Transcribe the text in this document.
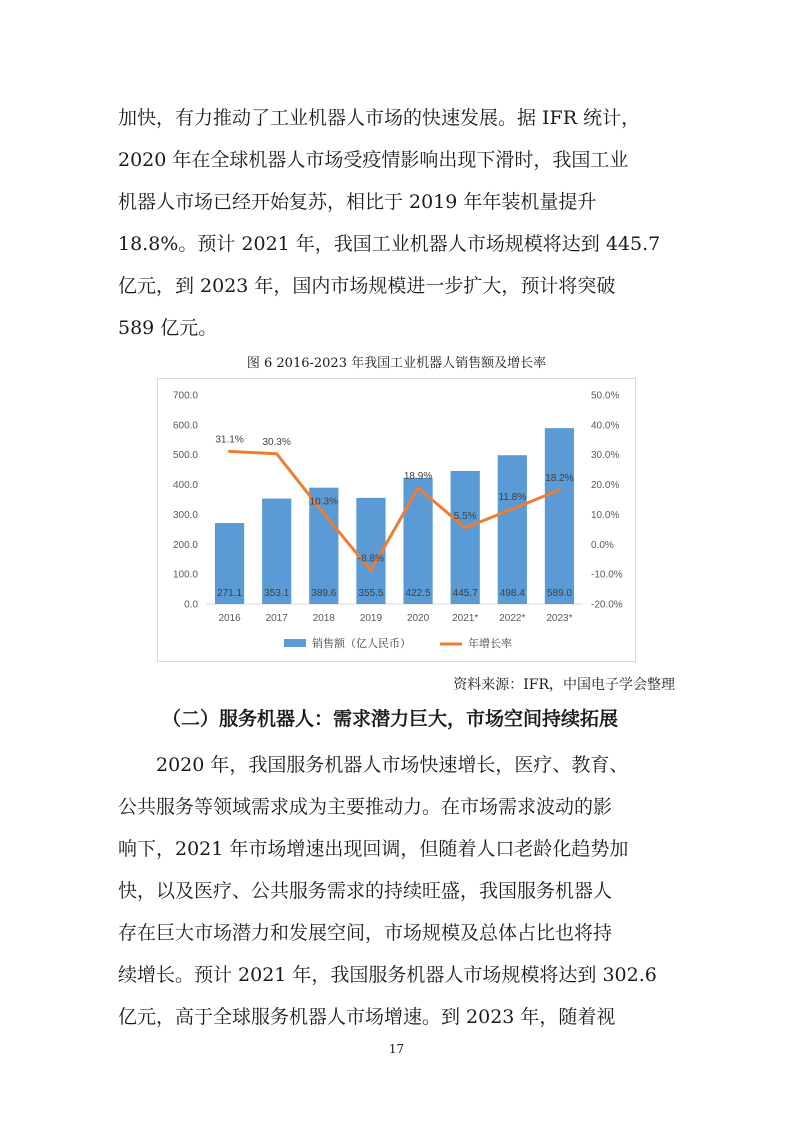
加快，有力推动了工业机器人市场的快速发展。据 IFR 统计，
2020 年在全球机器人市场受疫情影响出现下滑时，我国工业
机器人市场已经开始复苏，相比于 2019 年年装机量提升
18.8%。预计 2021 年，我国工业机器人市场规模将达到 445.7
亿元，到 2023 年，国内市场规模进一步扩大，预计将突破
589 亿元。
图 6 2016-2023 年我国工业机器人销售额及增长率
0.0
100.0
200.0
300.0
400.0
500.0
600.0
700.0
-20.0%
-10.0%
0.0%
10.0%
20.0%
30.0%
40.0%
50.0%
271.1 353.1 389.6 355.5 422.5 445.7 498.4 589.0
2016 2017 2018 2019 2020 2021* 2022* 2023*
31.1% 30.3%
10.3%
-8.8%
18.9%
5.5%
11.8%
18.2%
销售额（亿人民币）	年增长率
资料来源：IFR，中国电子学会整理
（二）服务机器人：需求潜力巨大，市场空间持续拓展
2020 年，我国服务机器人市场快速增长，医疗、教育、
公共服务等领域需求成为主要推动力。在市场需求波动的影
响下，2021 年市场增速出现回调，但随着人口老龄化趋势加
快，以及医疗、公共服务需求的持续旺盛，我国服务机器人
存在巨大市场潜力和发展空间，市场规模及总体占比也将持
续增长。预计 2021 年，我国服务机器人市场规模将达到 302.6
亿元，高于全球服务机器人市场增速。到 2023 年，随着视
17
